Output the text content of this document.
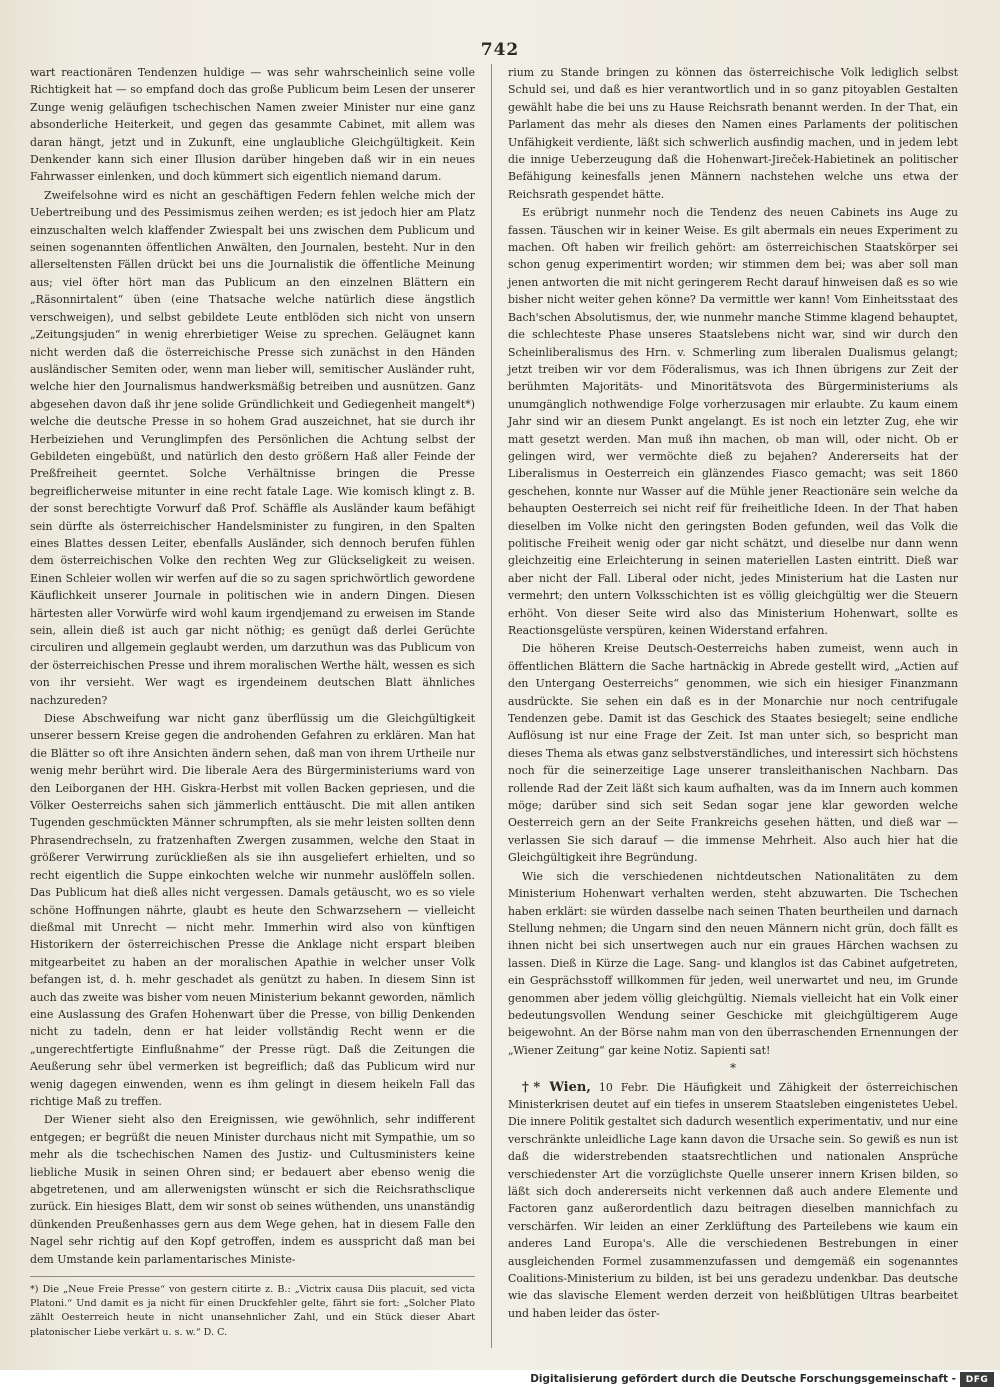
742

wart reactionären Tendenzen huldige — was sehr wahrscheinlich seine volle Richtigkeit hat — so empfand doch das große Publicum beim Lesen der unserer Zunge wenig geläufigen tschechischen Namen zweier Minister nur eine ganz absonderliche Heiterkeit, und gegen das gesammte Cabinet, mit allem was daran hängt, jetzt und in Zukunft, eine unglaubliche Gleichgültigkeit. Kein Denkender kann sich einer Illusion darüber hingeben daß wir in ein neues Fahrwasser einlenken, und doch kümmert sich eigentlich niemand darum.

Zweifelsohne wird es nicht an geschäftigen Federn fehlen welche mich der Uebertreibung und des Pessimismus zeihen werden; es ist jedoch hier am Platz einzuschalten welch klaffender Zwiespalt bei uns zwischen dem Publicum und seinen sogenannten öffentlichen Anwälten, den Journalen, besteht. Nur in den allerseltensten Fällen drückt bei uns die Journalistik die öffentliche Meinung aus; viel öfter hört man das Publicum an den einzelnen Blättern ein „Räsonnirtalent“ üben (eine Thatsache welche natürlich diese ängstlich verschweigen), und selbst gebildete Leute entblöden sich nicht von unsern „Zeitungsjuden“ in wenig ehrerbietiger Weise zu sprechen. Geläugnet kann nicht werden daß die österreichische Presse sich zunächst in den Händen ausländischer Semiten oder, wenn man lieber will, semitischer Ausländer ruht, welche hier den Journalismus handwerksmäßig betreiben und ausnützen. Ganz abgesehen davon daß ihr jene solide Gründlichkeit und Gediegenheit mangelt*) welche die deutsche Presse in so hohem Grad auszeichnet, hat sie durch ihr Herbeiziehen und Verunglimpfen des Persönlichen die Achtung selbst der Gebildeten eingebüßt, und natürlich den desto größern Haß aller Feinde der Preßfreiheit geerntet. Solche Verhältnisse bringen die Presse begreiflicherweise mitunter in eine recht fatale Lage. Wie komisch klingt z. B. der sonst berechtigte Vorwurf daß Prof. Schäffle als Ausländer kaum befähigt sein dürfte als österreichischer Handelsminister zu fungiren, in den Spalten eines Blattes dessen Leiter, ebenfalls Ausländer, sich dennoch berufen fühlen dem österreichischen Volke den rechten Weg zur Glückseligkeit zu weisen. Einen Schleier wollen wir werfen auf die so zu sagen sprichwörtlich gewordene Käuflichkeit unserer Journale in politischen wie in andern Dingen. Diesen härtesten aller Vorwürfe wird wohl kaum irgendjemand zu erweisen im Stande sein, allein dieß ist auch gar nicht nöthig; es genügt daß derlei Gerüchte circuliren und allgemein geglaubt werden, um darzuthun was das Publicum von der österreichischen Presse und ihrem moralischen Werthe hält, wessen es sich von ihr versieht. Wer wagt es irgendeinem deutschen Blatt ähnliches nachzureden?

Diese Abschweifung war nicht ganz überflüssig um die Gleichgültigkeit unserer bessern Kreise gegen die androhenden Gefahren zu erklären. Man hat die Blätter so oft ihre Ansichten ändern sehen, daß man von ihrem Urtheile nur wenig mehr berührt wird. Die liberale Aera des Bürgerministeriums ward von den Leiborganen der HH. Giskra-Herbst mit vollen Backen gepriesen, und die Völker Oesterreichs sahen sich jämmerlich enttäuscht. Die mit allen antiken Tugenden geschmückten Männer schrumpften, als sie mehr leisten sollten denn Phrasendrechseln, zu fratzenhaften Zwergen zusammen, welche den Staat in größerer Verwirrung zurückließen als sie ihn ausgeliefert erhielten, und so recht eigentlich die Suppe einkochten welche wir nunmehr auslöffeln sollen. Das Publicum hat dieß alles nicht vergessen. Damals getäuscht, wo es so viele schöne Hoffnungen nährte, glaubt es heute den Schwarzsehern — vielleicht dießmal mit Unrecht — nicht mehr. Immerhin wird also von künftigen Historikern der österreichischen Presse die Anklage nicht erspart bleiben mitgearbeitet zu haben an der moralischen Apathie in welcher unser Volk befangen ist, d. h. mehr geschadet als genützt zu haben. In diesem Sinn ist auch das zweite was bisher vom neuen Ministerium bekannt geworden, nämlich eine Auslassung des Grafen Hohenwart über die Presse, von billig Denkenden nicht zu tadeln, denn er hat leider vollständig Recht wenn er die „ungerechtfertigte Einflußnahme“ der Presse rügt. Daß die Zeitungen die Aeußerung sehr übel vermerken ist begreiflich; daß das Publicum wird nur wenig dagegen einwenden, wenn es ihm gelingt in diesem heikeln Fall das richtige Maß zu treffen.

Der Wiener sieht also den Ereignissen, wie gewöhnlich, sehr indifferent entgegen; er begrüßt die neuen Minister durchaus nicht mit Sympathie, um so mehr als die tschechischen Namen des Justiz- und Cultusministers keine liebliche Musik in seinen Ohren sind; er bedauert aber ebenso wenig die abgetretenen, und am allerwenigsten wünscht er sich die Reichsrathsclique zurück. Ein hiesiges Blatt, dem wir sonst ob seines wüthenden, uns unanständig dünkenden Preußenhasses gern aus dem Wege gehen, hat in diesem Falle den Nagel sehr richtig auf den Kopf getroffen, indem es ausspricht daß man bei dem Umstande kein parlamentarisches Ministe-

*) Die „Neue Freie Presse“ von gestern citirte z. B.: „Victrix causa Diis placuit, sed victa Platoni.“ Und damit es ja nicht für einen Druckfehler gelte, fährt sie fort: „Solcher Plato zählt Oesterreich heute in nicht unansehnlicher Zahl, und ein Stück dieser Abart platonischer Liebe verkärt u. s. w.“ D. C.

rium zu Stande bringen zu können das österreichische Volk lediglich selbst Schuld sei, und daß es hier verantwortlich und in so ganz pitoyablen Gestalten gewählt habe die bei uns zu Hause Reichsrath benannt werden. In der That, ein Parlament das mehr als dieses den Namen eines Parlaments der politischen Unfähigkeit verdiente, läßt sich schwerlich ausfindig machen, und in jedem lebt die innige Ueberzeugung daß die Hohenwart-Jireček-Habietinek an politischer Befähigung keinesfalls jenen Männern nachstehen welche uns etwa der Reichsrath gespendet hätte.

Es erübrigt nunmehr noch die Tendenz des neuen Cabinets ins Auge zu fassen. Täuschen wir in keiner Weise. Es gilt abermals ein neues Experiment zu machen. Oft haben wir freilich gehört: am österreichischen Staatskörper sei schon genug experimentirt worden; wir stimmen dem bei; was aber soll man jenen antworten die mit nicht geringerem Recht darauf hinweisen daß es so wie bisher nicht weiter gehen könne? Da vermittle wer kann! Vom Einheitsstaat des Bach'schen Absolutismus, der, wie nunmehr manche Stimme klagend behauptet, die schlechteste Phase unseres Staatslebens nicht war, sind wir durch den Scheinliberalismus des Hrn. v. Schmerling zum liberalen Dualismus gelangt; jetzt treiben wir vor dem Föderalismus, was ich Ihnen übrigens zur Zeit der berühmten Majoritäts- und Minoritätsvota des Bürgerministeriums als unumgänglich nothwendige Folge vorherzusagen mir erlaubte. Zu kaum einem Jahr sind wir an diesem Punkt angelangt. Es ist noch ein letzter Zug, ehe wir matt gesetzt werden. Man muß ihn machen, ob man will, oder nicht. Ob er gelingen wird, wer vermöchte dieß zu bejahen? Andererseits hat der Liberalismus in Oesterreich ein glänzendes Fiasco gemacht; was seit 1860 geschehen, konnte nur Wasser auf die Mühle jener Reactionäre sein welche da behaupten Oesterreich sei nicht reif für freiheitliche Ideen. In der That haben dieselben im Volke nicht den geringsten Boden gefunden, weil das Volk die politische Freiheit wenig oder gar nicht schätzt, und dieselbe nur dann wenn gleichzeitig eine Erleichterung in seinen materiellen Lasten eintritt. Dieß war aber nicht der Fall. Liberal oder nicht, jedes Ministerium hat die Lasten nur vermehrt; den untern Volksschichten ist es völlig gleichgültig wer die Steuern erhöht. Von dieser Seite wird also das Ministerium Hohenwart, sollte es Reactionsgelüste verspüren, keinen Widerstand erfahren.

Die höheren Kreise Deutsch-Oesterreichs haben zumeist, wenn auch in öffentlichen Blättern die Sache hartnäckig in Abrede gestellt wird, „Actien auf den Untergang Oesterreichs“ genommen, wie sich ein hiesiger Finanzmann ausdrückte. Sie sehen ein daß es in der Monarchie nur noch centrifugale Tendenzen gebe. Damit ist das Geschick des Staates besiegelt; seine endliche Auflösung ist nur eine Frage der Zeit. Ist man unter sich, so bespricht man dieses Thema als etwas ganz selbstverständliches, und interessirt sich höchstens noch für die seinerzeitige Lage unserer transleithanischen Nachbarn. Das rollende Rad der Zeit läßt sich kaum aufhalten, was da im Innern auch kommen möge; darüber sind sich seit Sedan sogar jene klar geworden welche Oesterreich gern an der Seite Frankreichs gesehen hätten, und dieß war — verlassen Sie sich darauf — die immense Mehrheit. Also auch hier hat die Gleichgültigkeit ihre Begründung.

Wie sich die verschiedenen nichtdeutschen Nationalitäten zu dem Ministerium Hohenwart verhalten werden, steht abzuwarten. Die Tschechen haben erklärt: sie würden dasselbe nach seinen Thaten beurtheilen und darnach Stellung nehmen; die Ungarn sind den neuen Männern nicht grün, doch fällt es ihnen nicht bei sich unsertwegen auch nur ein graues Härchen wachsen zu lassen. Dieß in Kürze die Lage. Sang- und klanglos ist das Cabinet aufgetreten, ein Gesprächsstoff willkommen für jeden, weil unerwartet und neu, im Grunde genommen aber jedem völlig gleichgültig. Niemals vielleicht hat ein Volk einer bedeutungsvollen Wendung seiner Geschicke mit gleichgültigerem Auge beigewohnt. An der Börse nahm man von den überraschenden Ernennungen der „Wiener Zeitung“ gar keine Notiz. Sapienti sat!

*

†* Wien, 10 Febr. Die Häufigkeit und Zähigkeit der österreichischen Ministerkrisen deutet auf ein tiefes in unserem Staatsleben eingenistetes Uebel. Die innere Politik gestaltet sich dadurch wesentlich experimentativ, und nur eine verschränkte unleidliche Lage kann davon die Ursache sein. So gewiß es nun ist daß die widerstrebenden staatsrechtlichen und nationalen Ansprüche verschiedenster Art die vorzüglichste Quelle unserer innern Krisen bilden, so läßt sich doch andererseits nicht verkennen daß auch andere Elemente und Factoren ganz außerordentlich dazu beitragen dieselben mannichfach zu verschärfen. Wir leiden an einer Zerklüftung des Parteilebens wie kaum ein anderes Land Europa's. Alle die verschiedenen Bestrebungen in einer ausgleichenden Formel zusammenzufassen und demgemäß ein sogenanntes Coalitions-Ministerium zu bilden, ist bei uns geradezu undenkbar. Das deutsche wie das slavische Element werden derzeit von heißblütigen Ultras bearbeitet und haben leider das öster-

Digitalisierung gefördert durch die Deutsche Forschungsgemeinschaft -	DFG
